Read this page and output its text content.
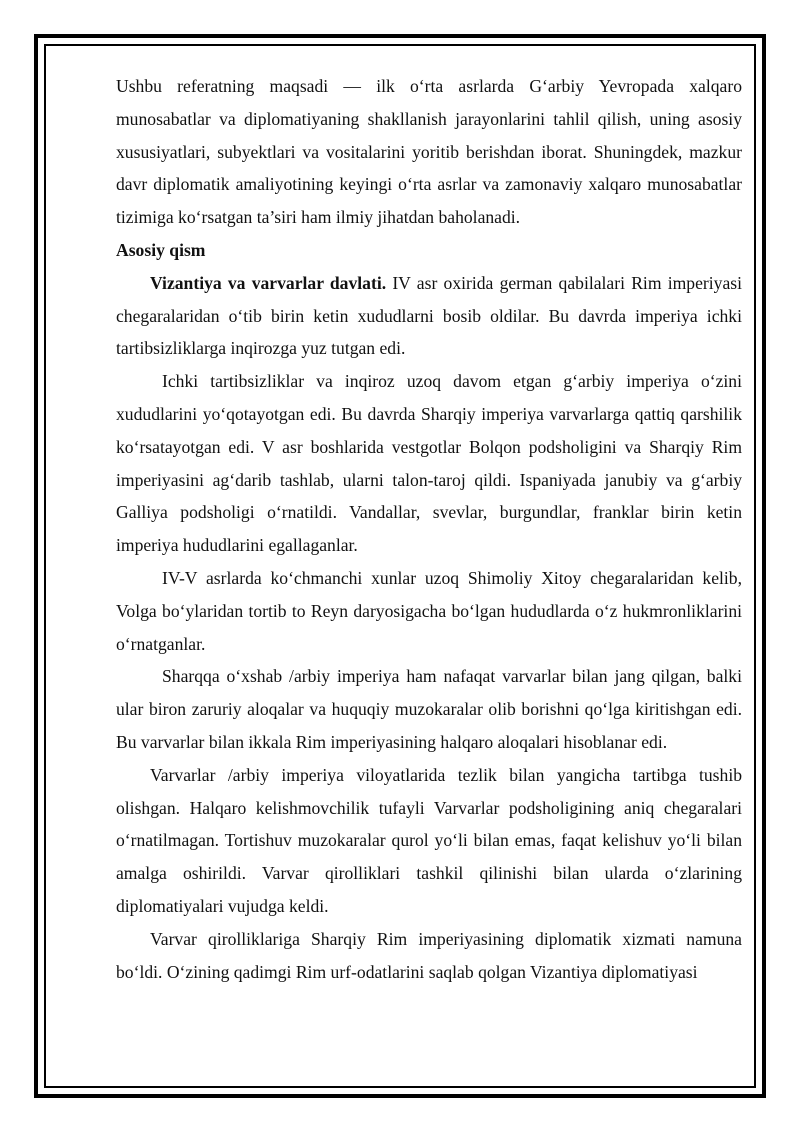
Ushbu referatning maqsadi — ilk o‘rta asrlarda G‘arbiy Yevropada xalqaro munosabatlar va diplomatiyaning shakllanish jarayonlarini tahlil qilish, uning asosiy xususiyatlari, subyektlari va vositalarini yoritib berishdan iborat. Shuningdek, mazkur davr diplomatik amaliyotining keyingi o‘rta asrlar va zamonaviy xalqaro munosabatlar tizimiga ko‘rsatgan ta’siri ham ilmiy jihatdan baholanadi.

Asosiy qism

Vizantiya va varvarlar davlati. IV asr oxirida german qabilalari Rim imperiyasi chegaralaridan o‘tib birin ketin xududlarni bosib oldilar. Bu davrda imperiya ichki tartibsizliklarga inqirozga yuz tutgan edi.

Ichki tartibsizliklar va inqiroz uzoq davom etgan g‘arbiy imperiya o‘zini xududlarini yo‘qotayotgan edi. Bu davrda Sharqiy imperiya varvarlarga qattiq qarshilik ko‘rsatayotgan edi. V asr boshlarida vestgotlar Bolqon podsholigini va Sharqiy Rim imperiyasini ag‘darib tashlab, ularni talon-taroj qildi. Ispaniyada janubiy va g‘arbiy Galliya podsholigi o‘rnatildi. Vandallar, svevlar, burgundlar, franklar birin ketin imperiya hududlarini egallaganlar.

IV-V asrlarda ko‘chmanchi xunlar uzoq Shimoliy Xitoy chegaralaridan kelib, Volga bo‘ylaridan tortib to Reyn daryosigacha bo‘lgan hududlarda o‘z hukmronliklarini o‘rnatganlar.

Sharqqa o‘xshab /arbiy imperiya ham nafaqat varvarlar bilan jang qilgan, balki ular biron zaruriy aloqalar va huquqiy muzokaralar olib borishni qo‘lga kiritishgan edi. Bu varvarlar bilan ikkala Rim imperiyasining halqaro aloqalari hisoblanar edi.

Varvarlar /arbiy imperiya viloyatlarida tezlik bilan yangicha tartibga tushib olishgan. Halqaro kelishmovchilik tufayli Varvarlar podsholigining aniq chegaralari o‘rnatilmagan. Tortishuv muzokaralar qurol yo‘li bilan emas, faqat kelishuv yo‘li bilan amalga oshirildi. Varvar qirolliklari tashkil qilinishi bilan ularda o‘zlarining diplomatiyalari vujudga keldi.

Varvar qirolliklariga Sharqiy Rim imperiyasining diplomatik xizmati namuna bo‘ldi. O‘zining qadimgi Rim urf-odatlarini saqlab qolgan Vizantiya diplomatiyasi
